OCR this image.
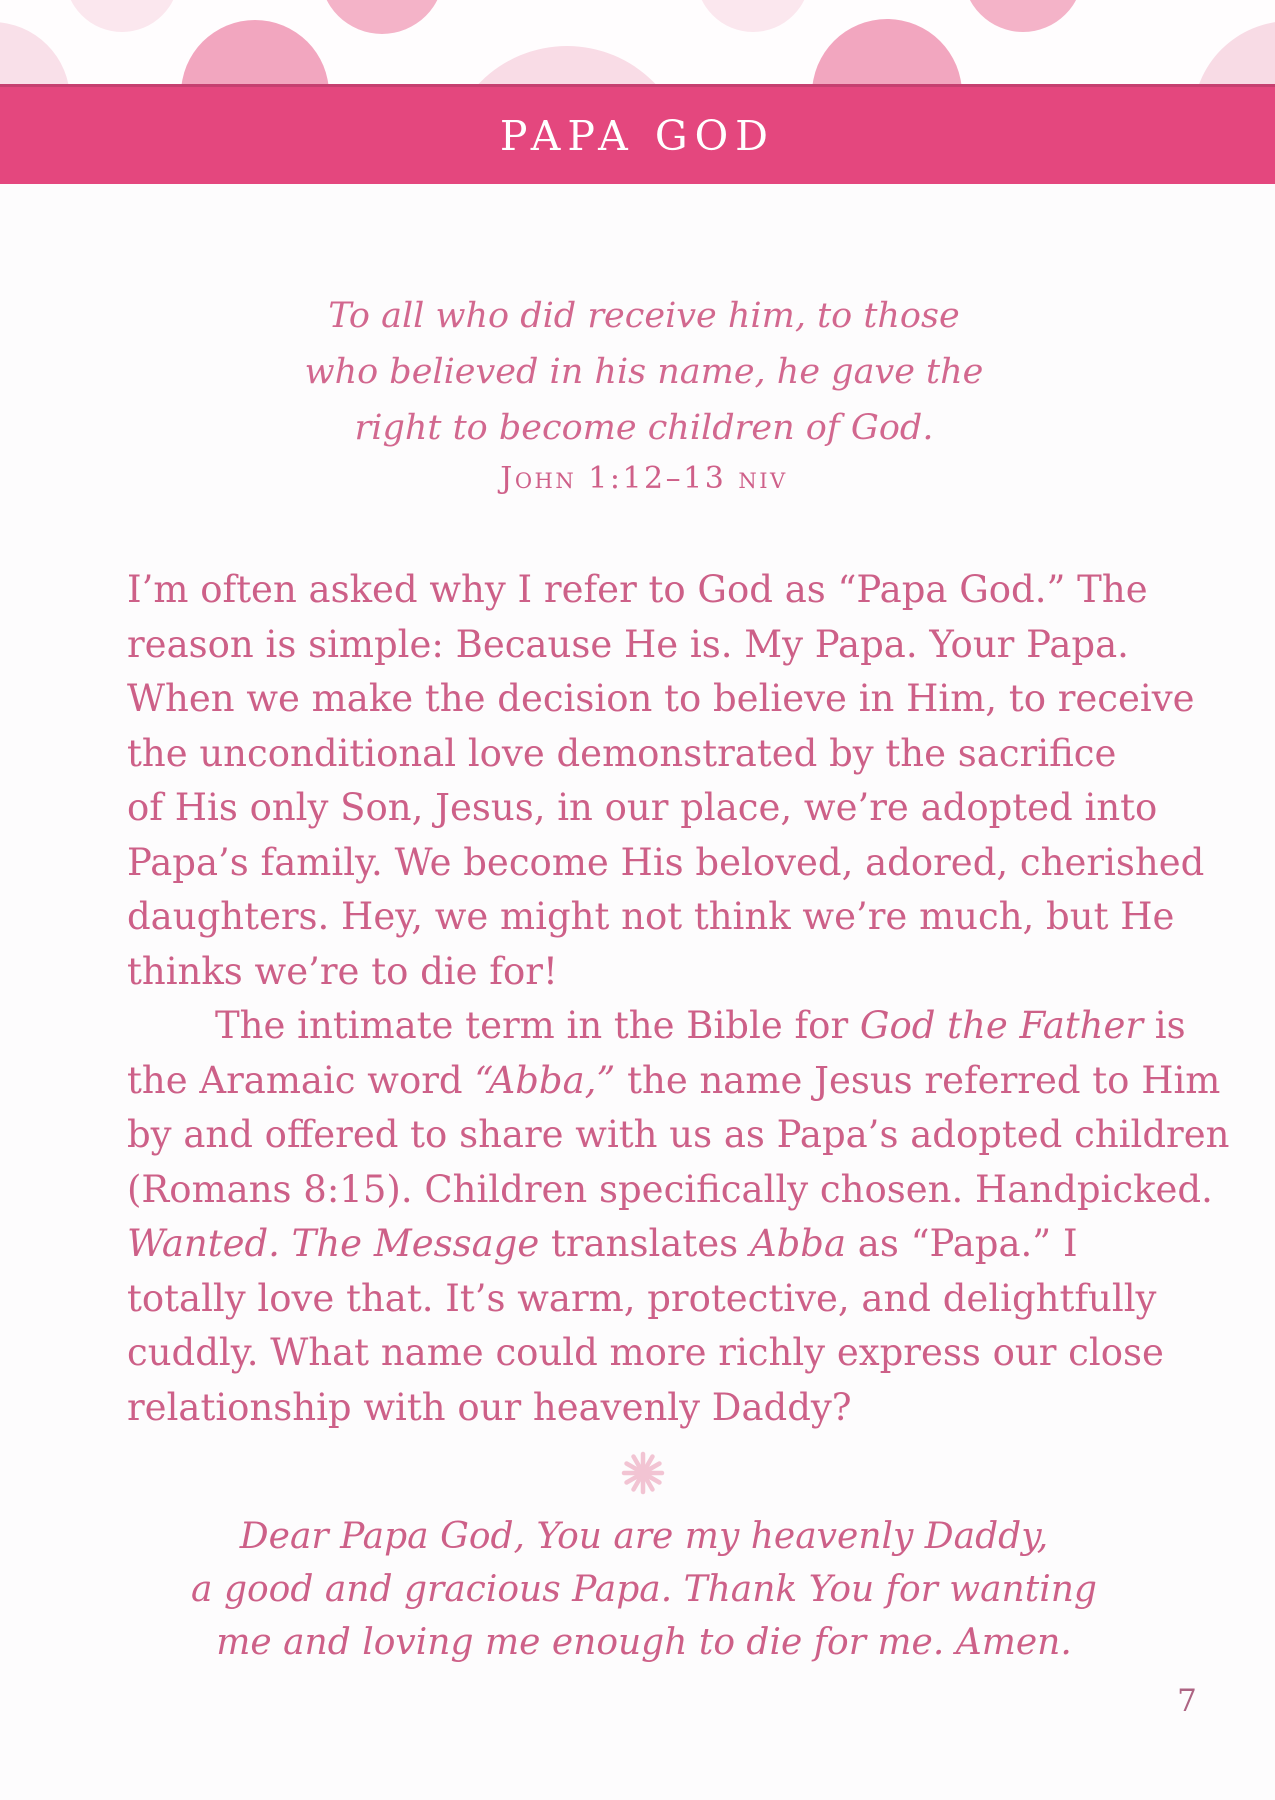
PAPA GOD
To all who did receive him, to those
who believed in his name, he gave the
right to become children of God.
John 1:12–13 niv
I’m often asked why I refer to God as “Papa God.” The
reason is simple: Because He is. My Papa. Your Papa.
When we make the decision to believe in Him, to receive
the unconditional love demonstrated by the sacrifice
of His only Son, Jesus, in our place, we’re adopted into
Papa’s family. We become His beloved, adored, cherished
daughters. Hey, we might not think we’re much, but He
thinks we’re to die for!
The intimate term in the Bible for God the Father is
the Aramaic word “Abba,” the name Jesus referred to Him
by and offered to share with us as Papa’s adopted children
(Romans 8:15). Children specifically chosen. Handpicked.
Wanted. The Message translates Abba as “Papa.” I
totally love that. It’s warm, protective, and delightfully
cuddly. What name could more richly express our close
relationship with our heavenly Daddy?
Dear Papa God, You are my heavenly Daddy,
a good and gracious Papa. Thank You for wanting
me and loving me enough to die for me. Amen.
7
